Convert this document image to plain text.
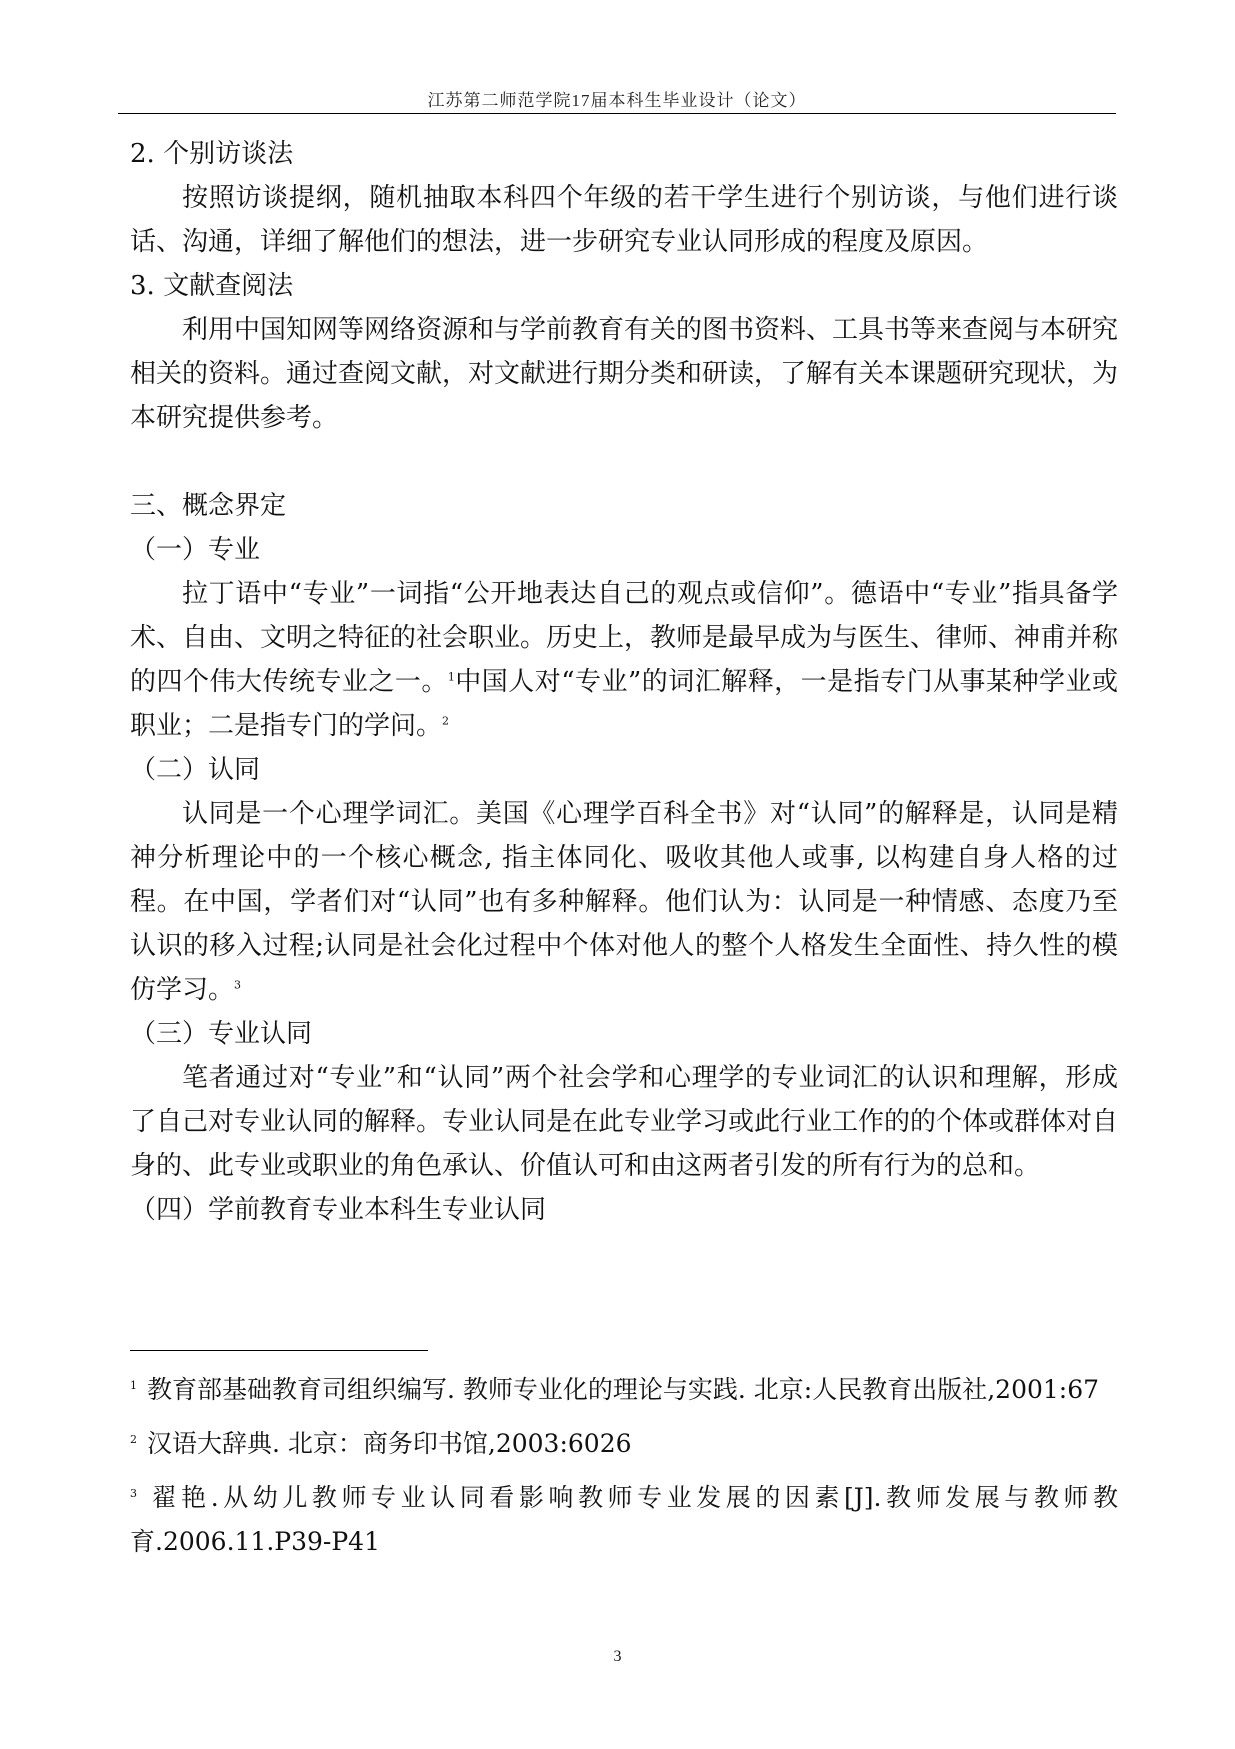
江苏第二师范学院17届本科生毕业设计（论文）

2. 个别访谈法

按照访谈提纲，随机抽取本科四个年级的若干学生进行个别访谈，与他们进行谈话、沟通，详细了解他们的想法，进一步研究专业认同形成的程度及原因。

3. 文献查阅法

利用中国知网等网络资源和与学前教育有关的图书资料、工具书等来查阅与本研究相关的资料。通过查阅文献，对文献进行期分类和研读，了解有关本课题研究现状，为本研究提供参考。

三、概念界定

（一）专业

拉丁语中“专业”一词指“公开地表达自己的观点或信仰”。德语中“专业”指具备学术、自由、文明之特征的社会职业。历史上，教师是最早成为与医生、律师、神甫并称的四个伟大传统专业之一。$^1$中国人对“专业”的词汇解释，一是指专门从事某种学业或职业；二是指专门的学问。$^2$

（二）认同

认同是一个心理学词汇。美国《心理学百科全书》对“认同”的解释是，认同是精神分析理论中的一个核心概念, 指主体同化、吸收其他人或事, 以构建自身人格的过程。在中国，学者们对“认同”也有多种解释。他们认为：认同是一种情感、态度乃至认识的移入过程;认同是社会化过程中个体对他人的整个人格发生全面性、持久性的模仿学习。$^3$

（三）专业认同

笔者通过对“专业”和“认同”两个社会学和心理学的专业词汇的认识和理解，形成了自己对专业认同的解释。专业认同是在此专业学习或此行业工作的的个体或群体对自身的、此专业或职业的角色承认、价值认可和由这两者引发的所有行为的总和。

（四）学前教育专业本科生专业认同

$^1$ 教育部基础教育司组织编写. 教师专业化的理论与实践. 北京:人民教育出版社,2001:67

$^2$ 汉语大辞典. 北京：商务印书馆,2003:6026

$^3$ 翟艳.从幼儿教师专业认同看影响教师专业发展的因素[J].教师发展与教师教育.2006.11.P39-P41

3
